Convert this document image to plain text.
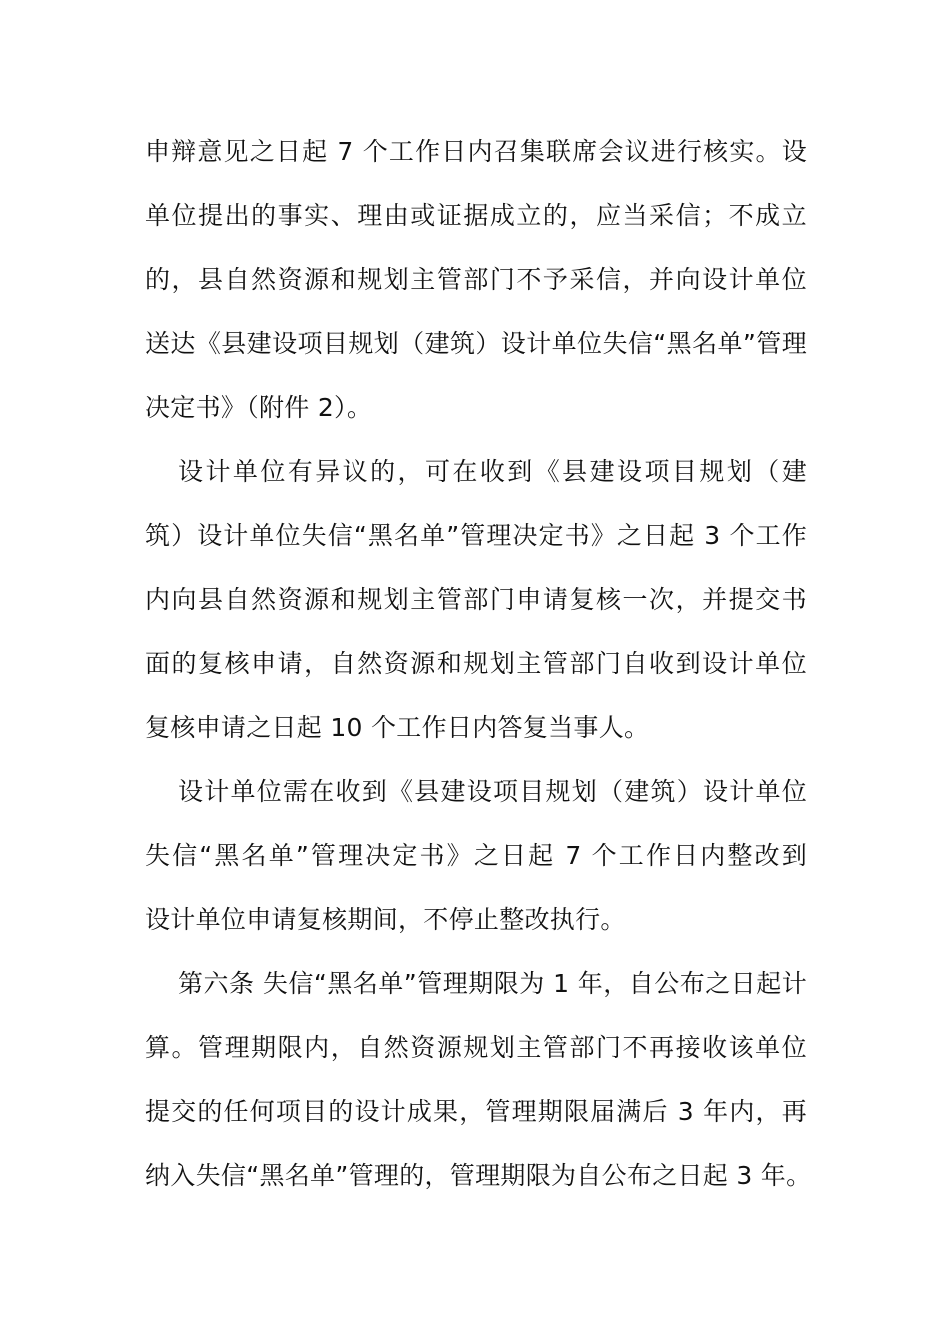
申辩意见之日起 7 个工作日内召集联席会议进行核实。设
单位提出的事实、理由或证据成立的，应当采信；不成立
的，县自然资源和规划主管部门不予采信，并向设计单位
送达《县建设项目规划（建筑）设计单位失信“黑名单”管理
决定书》（附件 2）。
设计单位有异议的，可在收到《县建设项目规划（建
筑）设计单位失信“黑名单”管理决定书》之日起 3 个工作
内向县自然资源和规划主管部门申请复核一次，并提交书
面的复核申请，自然资源和规划主管部门自收到设计单位
复核申请之日起 10 个工作日内答复当事人。
设计单位需在收到《县建设项目规划（建筑）设计单位
失信“黑名单”管理决定书》之日起 7 个工作日内整改到
设计单位申请复核期间，不停止整改执行。
第六条 失信“黑名单”管理期限为 1 年，自公布之日起计
算。管理期限内，自然资源规划主管部门不再接收该单位
提交的任何项目的设计成果，管理期限届满后 3 年内，再
纳入失信“黑名单”管理的，管理期限为自公布之日起 3 年。
